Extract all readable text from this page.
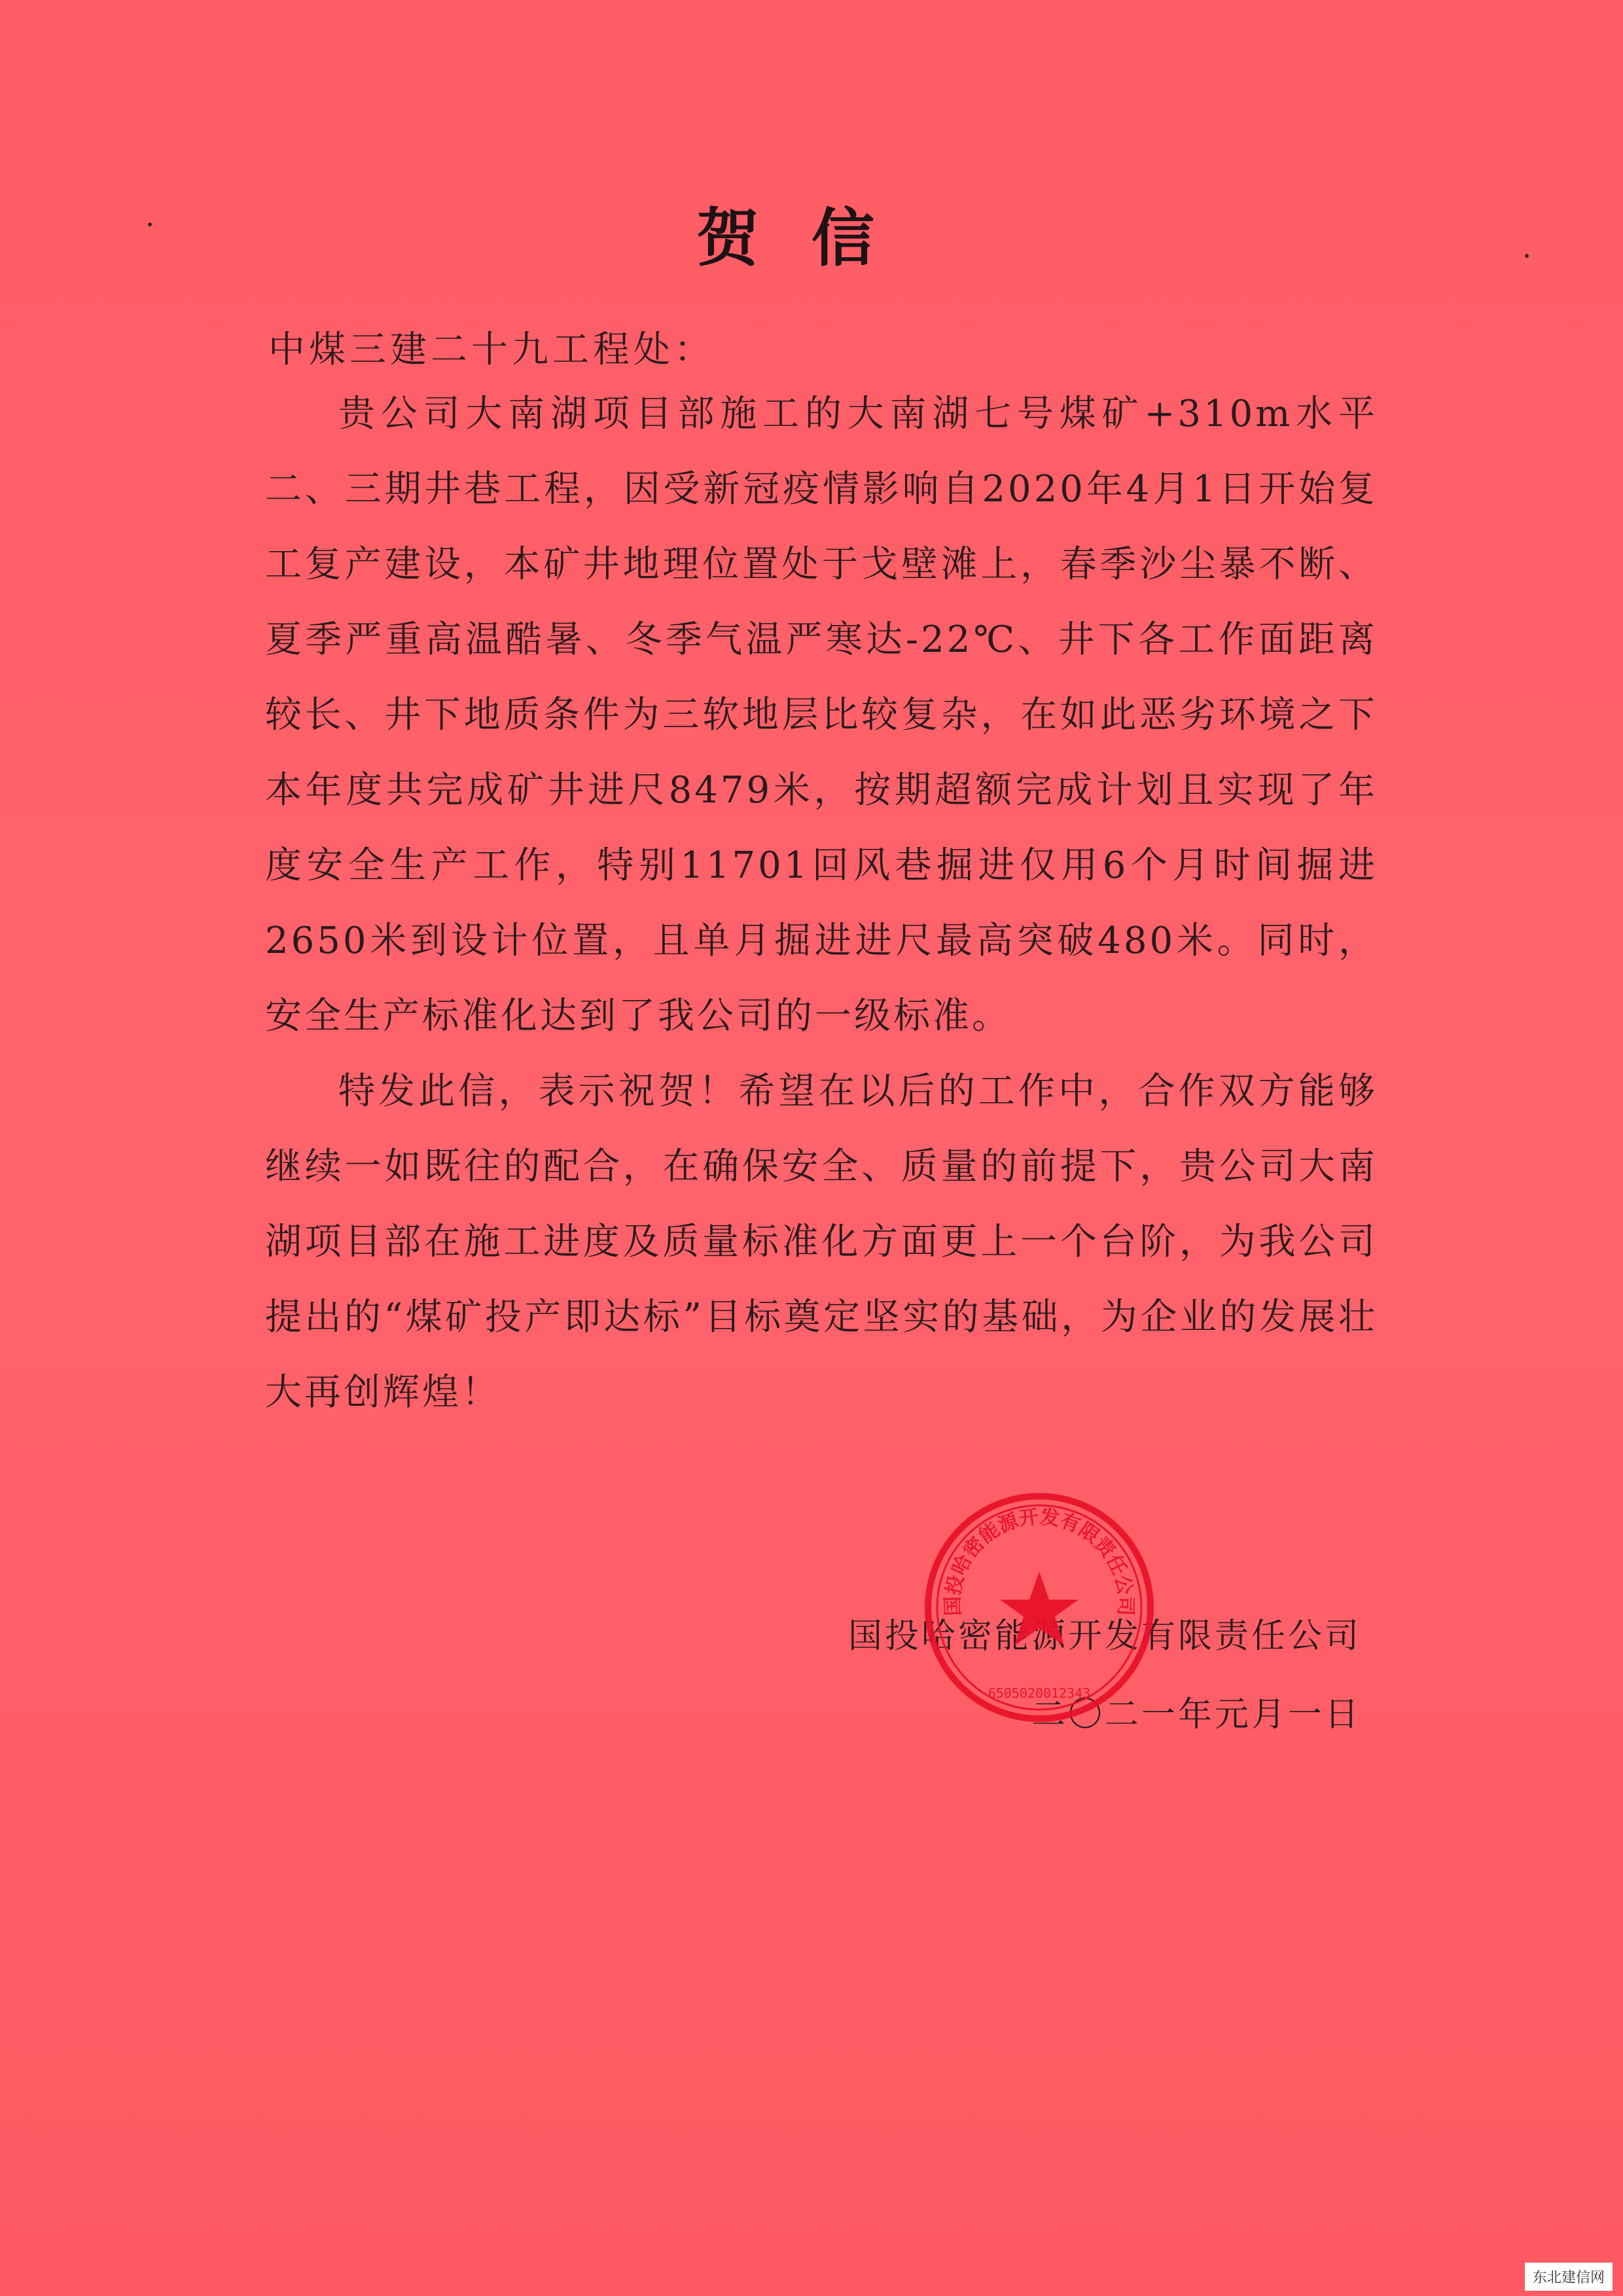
贺信
中煤三建二十九工程处：

贵公司大南湖项目部施工的大南湖七号煤矿+310m水平二、三期井巷工程，因受新冠疫情影响自2020年4月1日开始复工复产建设，本矿井地理位置处于戈壁滩上，春季沙尘暴不断、夏季严重高温酷暑、冬季气温严寒达-22℃、井下各工作面距离较长、井下地质条件为三软地层比较复杂，在如此恶劣环境之下本年度共完成矿井进尺8479米，按期超额完成计划且实现了年度安全生产工作，特别11701回风巷掘进仅用6个月时间掘进2650米到设计位置，且单月掘进进尺最高突破480米。同时，安全生产标准化达到了我公司的一级标准。

特发此信，表示祝贺！希望在以后的工作中，合作双方能够继续一如既往的配合，在确保安全、质量的前提下，贵公司大南湖项目部在施工进度及质量标准化方面更上一个台阶，为我公司提出的“煤矿投产即达标”目标奠定坚实的基础，为企业的发展壮大再创辉煌！

国投哈密能源开发有限责任公司
二〇二一年元月一日
国投哈密能源开发有限责任公司
6505020012343
东北建信网
